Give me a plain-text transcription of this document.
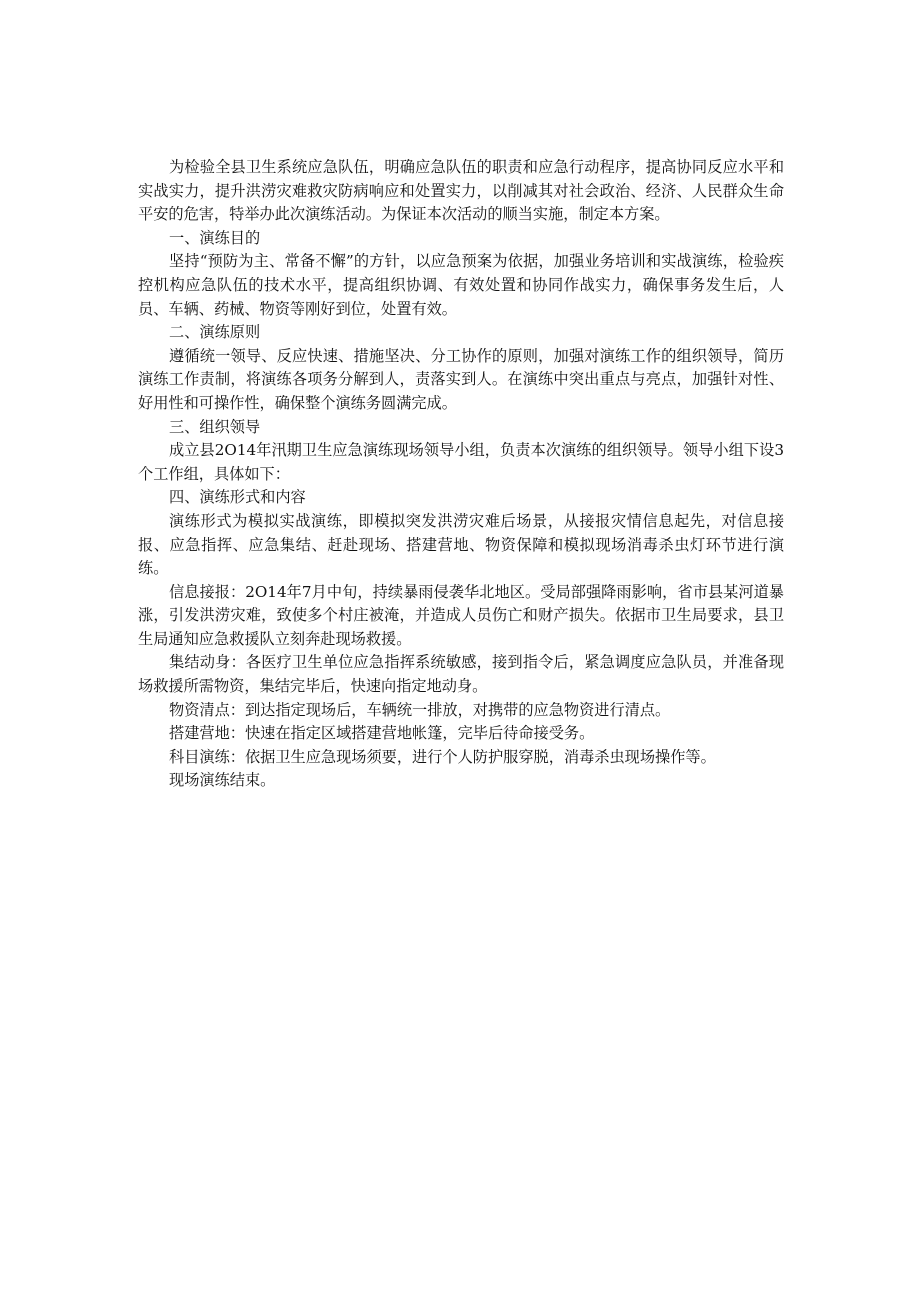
为检验全县卫生系统应急队伍，明确应急队伍的职责和应急行动程序，提高协同反应水平和实战实力，提升洪涝灾难救灾防病响应和处置实力，以削减其对社会政治、经济、人民群众生命平安的危害，特举办此次演练活动。为保证本次活动的顺当实施，制定本方案。

一、演练目的

坚持“预防为主、常备不懈”的方针，以应急预案为依据，加强业务培训和实战演练，检验疾控机构应急队伍的技术水平，提高组织协调、有效处置和协同作战实力，确保事务发生后，人员、车辆、药械、物资等刚好到位，处置有效。

二、演练原则

遵循统一领导、反应快速、措施坚决、分工协作的原则，加强对演练工作的组织领导，简历演练工作责制，将演练各项务分解到人，责落实到人。在演练中突出重点与亮点，加强针对性、好用性和可操作性，确保整个演练务圆满完成。

三、组织领导

成立县2O14年汛期卫生应急演练现场领导小组，负责本次演练的组织领导。领导小组下设3个工作组，具体如下：

四、演练形式和内容

演练形式为模拟实战演练，即模拟突发洪涝灾难后场景，从接报灾情信息起先，对信息接报、应急指挥、应急集结、赶赴现场、搭建营地、物资保障和模拟现场消毒杀虫灯环节进行演练。

信息接报：2O14年7月中旬，持续暴雨侵袭华北地区。受局部强降雨影响，省市县某河道暴涨，引发洪涝灾难，致使多个村庄被淹，并造成人员伤亡和财产损失。依据市卫生局要求，县卫生局通知应急救援队立刻奔赴现场救援。

集结动身：各医疗卫生单位应急指挥系统敏感，接到指令后，紧急调度应急队员，并准备现场救援所需物资，集结完毕后，快速向指定地动身。

物资清点：到达指定现场后，车辆统一排放，对携带的应急物资进行清点。

搭建营地：快速在指定区域搭建营地帐篷，完毕后待命接受务。

科目演练：依据卫生应急现场须要，进行个人防护服穿脱，消毒杀虫现场操作等。

现场演练结束。
